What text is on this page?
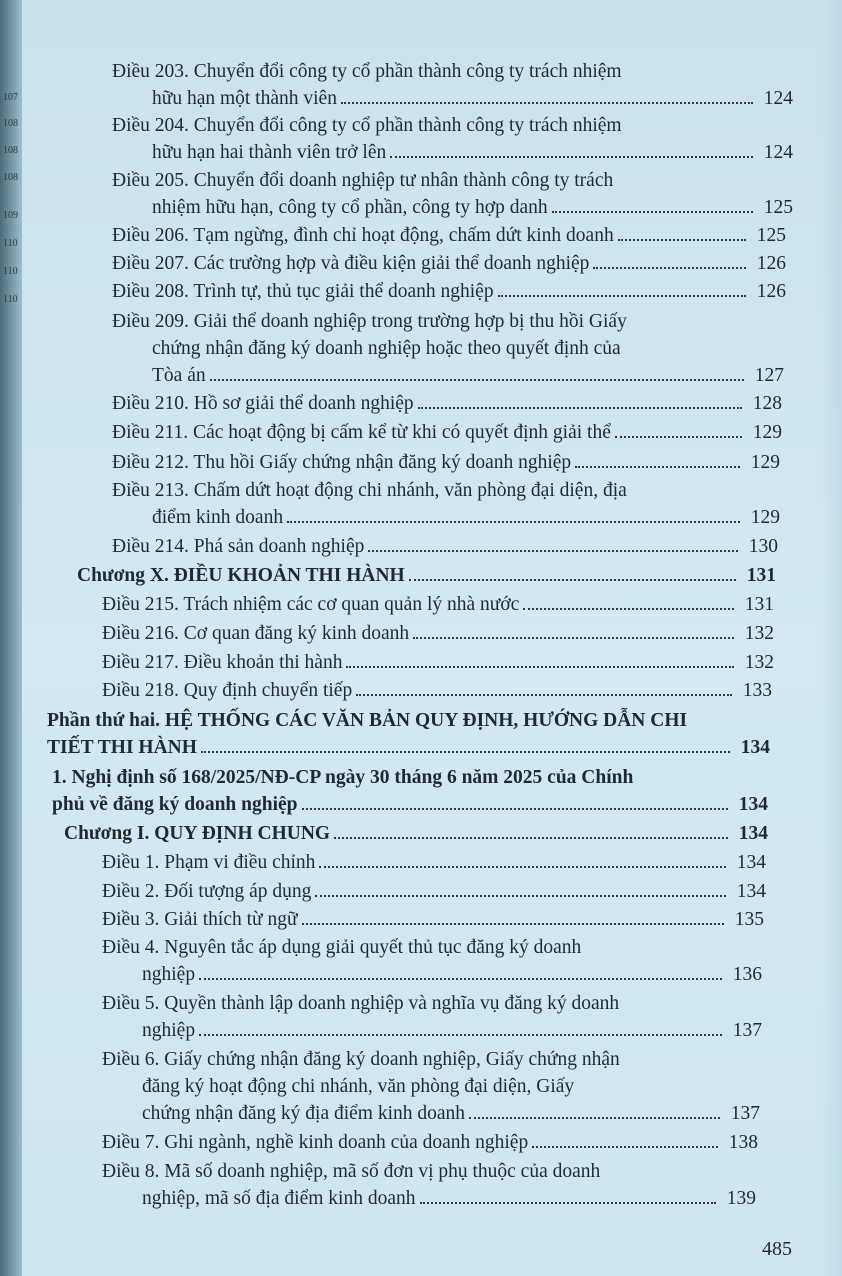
107
108
108
108
109
110
110
110
Điều 203. Chuyển đổi công ty cổ phần thành công ty trách nhiệm
hữu hạn một thành viên	124
Điều 204. Chuyển đổi công ty cổ phần thành công ty trách nhiệm
hữu hạn hai thành viên trở lên	124
Điều 205. Chuyển đổi doanh nghiệp tư nhân thành công ty trách
nhiệm hữu hạn, công ty cổ phần, công ty hợp danh	125
Điều 206. Tạm ngừng, đình chỉ hoạt động, chấm dứt kinh doanh	125
Điều 207. Các trường hợp và điều kiện giải thể doanh nghiệp	126
Điều 208. Trình tự, thủ tục giải thể doanh nghiệp	126
Điều 209. Giải thể doanh nghiệp trong trường hợp bị thu hồi Giấy
chứng nhận đăng ký doanh nghiệp hoặc theo quyết định của
Tòa án	127
Điều 210. Hồ sơ giải thể doanh nghiệp	128
Điều 211. Các hoạt động bị cấm kể từ khi có quyết định giải thể	129
Điều 212. Thu hồi Giấy chứng nhận đăng ký doanh nghiệp	129
Điều 213. Chấm dứt hoạt động chi nhánh, văn phòng đại diện, địa
điểm kinh doanh	129
Điều 214. Phá sản doanh nghiệp	130
Chương X. ĐIỀU KHOẢN THI HÀNH	131
Điều 215. Trách nhiệm các cơ quan quản lý nhà nước	131
Điều 216. Cơ quan đăng ký kinh doanh	132
Điều 217. Điều khoản thi hành	132
Điều 218. Quy định chuyển tiếp	133
Phần thứ hai. HỆ THỐNG CÁC VĂN BẢN QUY ĐỊNH, HƯỚNG DẪN CHI
TIẾT THI HÀNH	134
1. Nghị định số 168/2025/NĐ-CP ngày 30 tháng 6 năm 2025 của Chính
phủ về đăng ký doanh nghiệp	134
Chương I. QUY ĐỊNH CHUNG	134
Điều 1. Phạm vi điều chỉnh	134
Điều 2. Đối tượng áp dụng	134
Điều 3. Giải thích từ ngữ	135
Điều 4. Nguyên tắc áp dụng giải quyết thủ tục đăng ký doanh
nghiệp	136
Điều 5. Quyền thành lập doanh nghiệp và nghĩa vụ đăng ký doanh
nghiệp	137
Điều 6. Giấy chứng nhận đăng ký doanh nghiệp, Giấy chứng nhận
đăng ký hoạt động chi nhánh, văn phòng đại diện, Giấy
chứng nhận đăng ký địa điểm kinh doanh	137
Điều 7. Ghi ngành, nghề kinh doanh của doanh nghiệp	138
Điều 8. Mã số doanh nghiệp, mã số đơn vị phụ thuộc của doanh
nghiệp, mã số địa điểm kinh doanh	139
485
